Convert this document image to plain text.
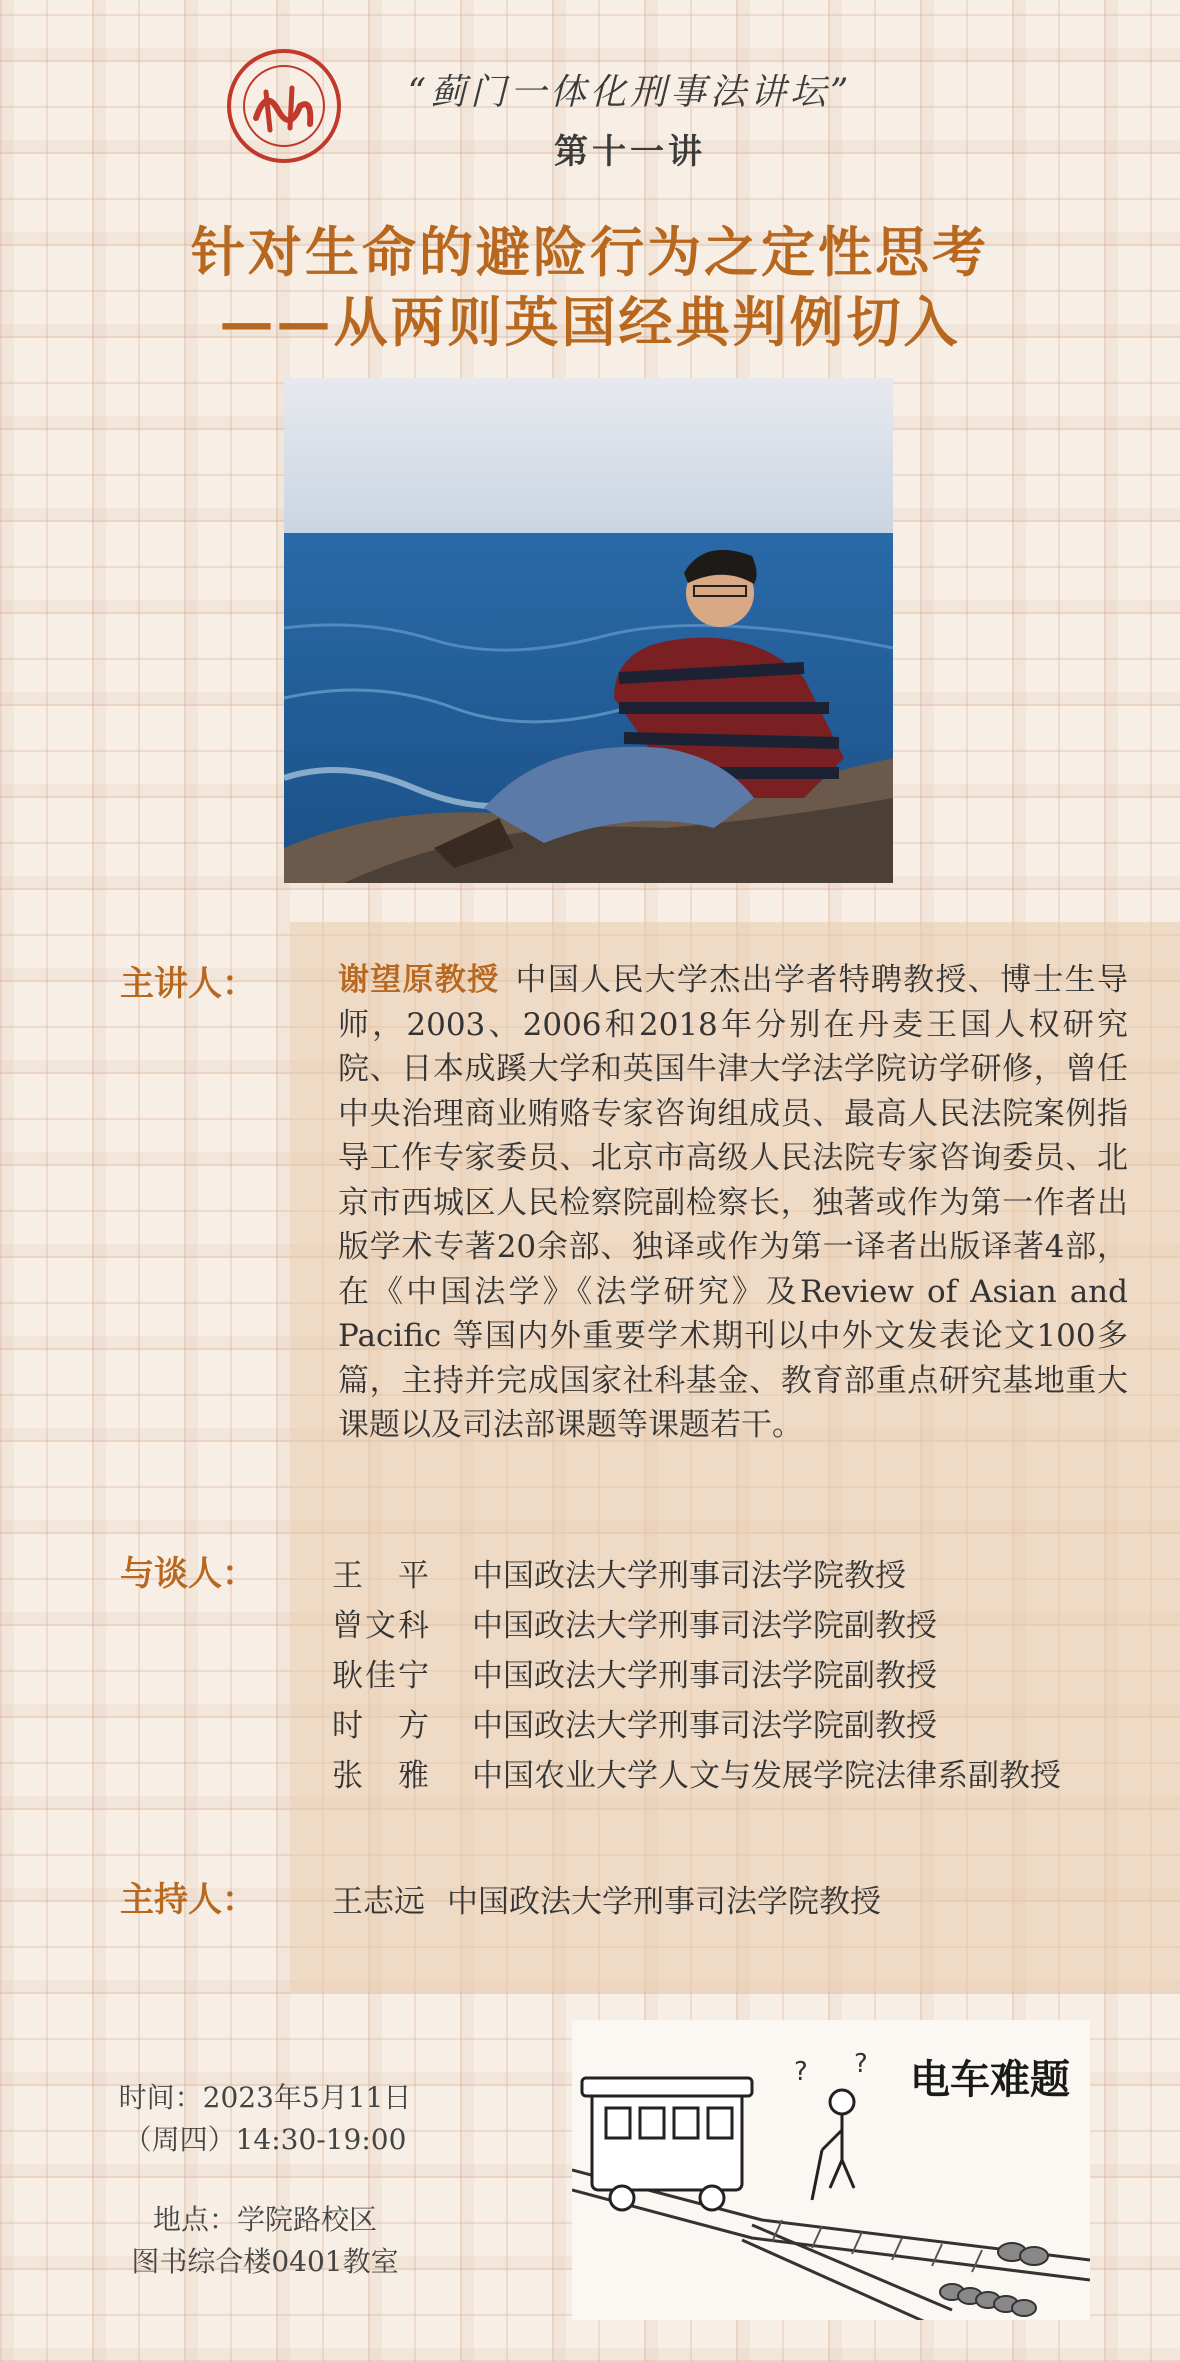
“蓟门一体化刑事法讲坛”
第十一讲
针对生命的避险行为之定性思考
——从两则英国经典判例切入
主讲人：	谢望原教授 中国人民大学杰出学者特聘教授、博士生导师，2003、2006和2018年分别在丹麦王国人权研究院、日本成蹊大学和英国牛津大学法学院访学研修，曾任中央治理商业贿赂专家咨询组成员、最高人民法院案例指导工作专家委员、北京市高级人民法院专家咨询委员、北京市西城区人民检察院副检察长，独著或作为第一作者出版学术专著20余部、独译或作为第一译者出版译著4部，在《中国法学》《法学研究》及Review of Asian and Pacific 等国内外重要学术期刊以中外文发表论文100多篇，主持并完成国家社科基金、教育部重点研究基地重大课题以及司法部课题等课题若干。
与谈人： 王　平	中国政法大学刑事司法学院教授
曾文科	中国政法大学刑事司法学院副教授
耿佳宁	中国政法大学刑事司法学院副教授
时　方	中国政法大学刑事司法学院副教授
张　雅	中国农业大学人文与发展学院法律系副教授
主持人： 王志远 中国政法大学刑事司法学院教授
时间：2023年5月11日
（周四）14:30-19:00
地点：学院路校区
图书综合楼0401教室
? ? 电车难题
